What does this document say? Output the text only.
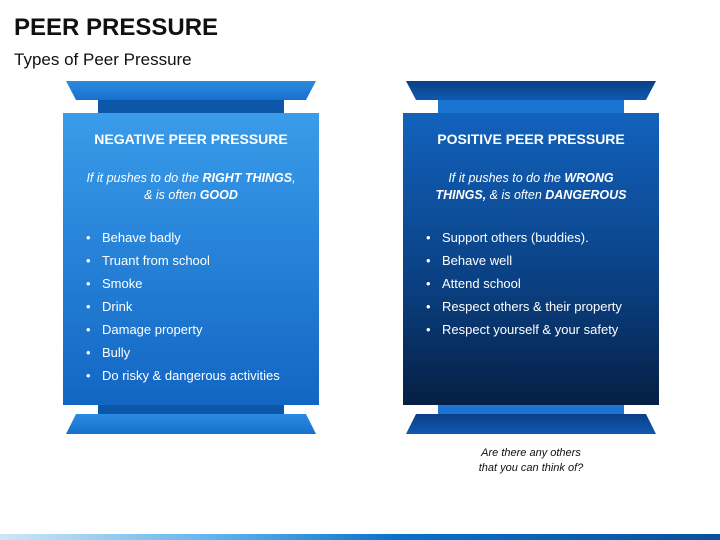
PEER PRESSURE
Types of Peer Pressure
NEGATIVE PEER PRESSURE
If it pushes to do the RIGHT THINGS,
& is often GOOD
• Behave badly
• Truant from school
• Smoke
• Drink
• Damage property
• Bully
• Do risky & dangerous activities
POSITIVE PEER PRESSURE
If it pushes to do the WRONG
THINGS, & is often DANGEROUS
• Support others (buddies).
• Behave well
• Attend school
• Respect others & their property
• Respect yourself & your safety
Are there any others
that you can think of?
